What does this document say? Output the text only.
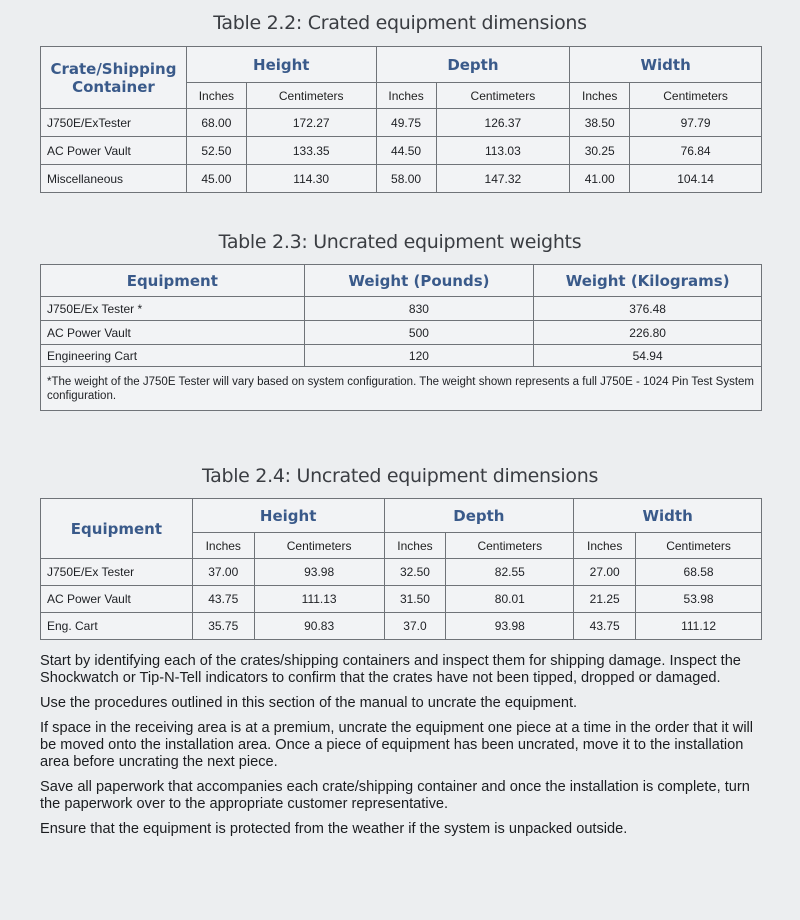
Table 2.2: Crated equipment dimensions
Crate/Shipping Container	Height		Depth		Width	
	Inches	Centimeters	Inches	Centimeters	Inches	Centimeters
J750E/ExTester	68.00	172.27	49.75	126.37	38.50	97.79
AC Power Vault	52.50	133.35	44.50	113.03	30.25	76.84
Miscellaneous	45.00	114.30	58.00	147.32	41.00	104.14
Table 2.3: Uncrated equipment weights
Equipment	Weight (Pounds)	Weight (Kilograms)
J750E/Ex Tester *	830	376.48
AC Power Vault	500	226.80
Engineering Cart	120	54.94
*The weight of the J750E Tester will vary based on system configuration. The weight shown represents a full J750E - 1024 Pin Test System configuration.		
Table 2.4: Uncrated equipment dimensions
Equipment	Height		Depth		Width	
	Inches	Centimeters	Inches	Centimeters	Inches	Centimeters
J750E/Ex Tester	37.00	93.98	32.50	82.55	27.00	68.58
AC Power Vault	43.75	111.13	31.50	80.01	21.25	53.98
Eng. Cart	35.75	90.83	37.0	93.98	43.75	111.12

Start by identifying each of the crates/shipping containers and inspect them for shipping damage. Inspect the Shockwatch or Tip-N-Tell indicators to confirm that the crates have not been tipped, dropped or damaged.

Use the procedures outlined in this section of the manual to uncrate the equipment.

If space in the receiving area is at a premium, uncrate the equipment one piece at a time in the order that it will be moved onto the installation area. Once a piece of equipment has been uncrated, move it to the installation area before uncrating the next piece.

Save all paperwork that accompanies each crate/shipping container and once the installation is complete, turn the paperwork over to the appropriate customer representative.

Ensure that the equipment is protected from the weather if the system is unpacked outside.
